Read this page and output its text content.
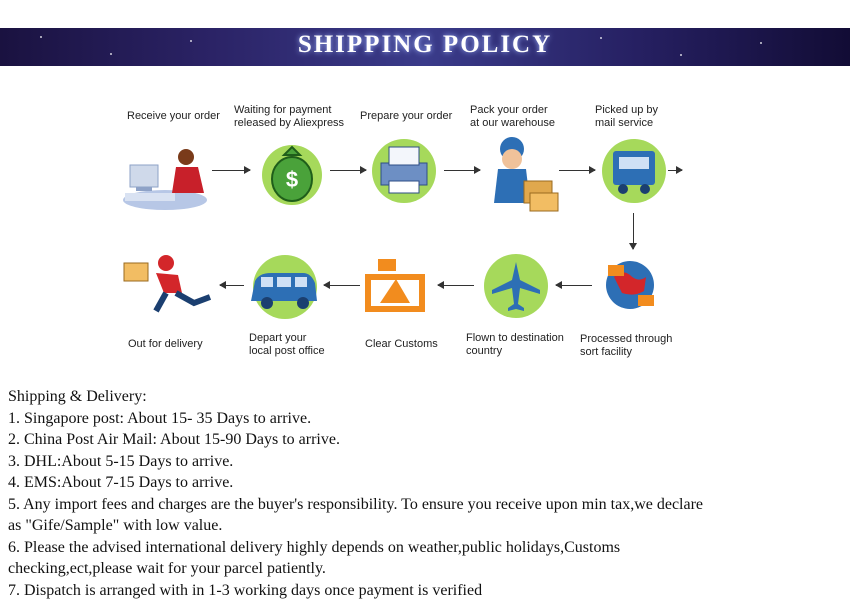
SHIPPING POLICY
Receive your order Waiting for payment
released by Aliexpress
Prepare your order Pack your order
at our warehouse
Picked up by
mail service
$
Processed through
sort facility
Flown to destination
country
Clear Customs
Depart your
local post office
Out for delivery
Shipping & Delivery:
1. Singapore post: About 15- 35 Days to arrive.
2. China Post Air Mail: About 15-90 Days to arrive.
3. DHL:About 5-15 Days to arrive.
4. EMS:About 7-15 Days to arrive.
5. Any import fees and charges are the buyer's responsibility. To ensure you receive upon min tax,we declare
as "Gife/Sample" with low value.
6. Please the advised international delivery highly depends on weather,public holidays,Customs
checking,ect,please wait for your parcel patiently.
7. Dispatch is arranged with in 1-3 working days once payment is verified
